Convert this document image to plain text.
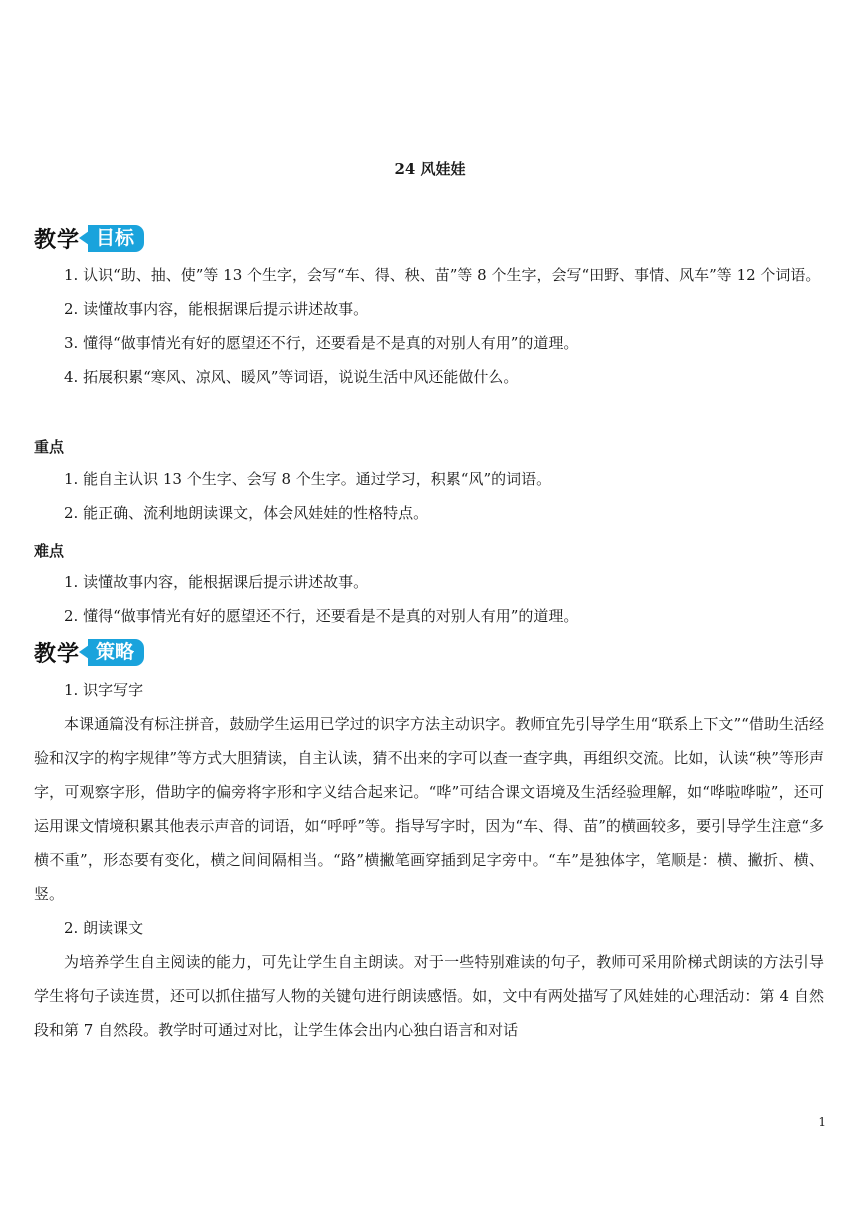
24 风娃娃
教学 目标

1. 认识“助、抽、使”等 13 个生字，会写“车、得、秧、苗”等 8 个生字，会写“田野、事情、风车”等 12 个词语。

2. 读懂故事内容，能根据课后提示讲述故事。

3. 懂得“做事情光有好的愿望还不行，还要看是不是真的对别人有用”的道理。

4. 拓展积累“寒风、凉风、暖风”等词语，说说生活中风还能做什么。

重点

1. 能自主认识 13 个生字、会写 8 个生字。通过学习，积累“风”的词语。

2. 能正确、流利地朗读课文，体会风娃娃的性格特点。

难点

1. 读懂故事内容，能根据课后提示讲述故事。

2. 懂得“做事情光有好的愿望还不行，还要看是不是真的对别人有用”的道理。

教学 策略

1. 识字写字

本课通篇没有标注拼音，鼓励学生运用已学过的识字方法主动识字。教师宜先引导学生用“联系上下文”“借助生活经验和汉字的构字规律”等方式大胆猜读，自主认读，猜不出来的字可以查一查字典，再组织交流。比如，认读“秧”等形声字，可观察字形，借助字的偏旁将字形和字义结合起来记。“哗”可结合课文语境及生活经验理解，如“哗啦哗啦”，还可运用课文情境积累其他表示声音的词语，如“呼呼”等。指导写字时，因为“车、得、苗”的横画较多，要引导学生注意“多横不重”，形态要有变化，横之间间隔相当。“路”横撇笔画穿插到足字旁中。“车”是独体字，笔顺是：横、撇折、横、竖。

2. 朗读课文

为培养学生自主阅读的能力，可先让学生自主朗读。对于一些特别难读的句子，教师可采用阶梯式朗读的方法引导学生将句子读连贯，还可以抓住描写人物的关键句进行朗读感悟。如，文中有两处描写了风娃娃的心理活动：第 4 自然段和第 7 自然段。教学时可通过对比，让学生体会出内心独白语言和对话

1
